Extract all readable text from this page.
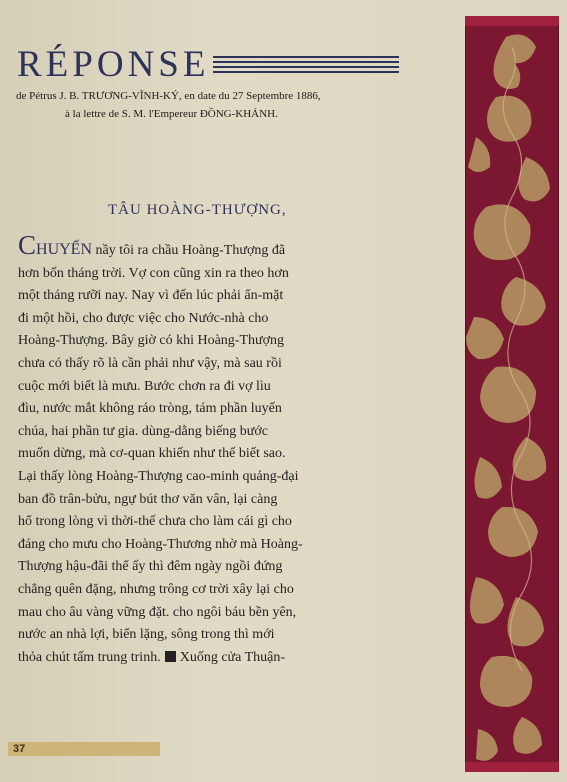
RÉPONSE
de Pétrus J. B. TRƯƠNG-VĨNH-KÝ, en date du 27 Septembre 1886,
à la lettre de S. M. l'Empereur ĐỒNG-KHÁNH.
TÂU HOÀNG-THƯỢNG,
CHUYẾN nầy tôi ra chầu Hoàng-Thượng đã
hơn bốn tháng trời. Vợ con cũng xin ra theo hơn
một tháng rưỡi nay. Nay vì đến lúc phải ẩn-mặt
đi một hồi, cho được việc cho Nước-nhà cho
Hoàng-Thượng. Bây giờ có khi Hoàng-Thượng
chưa có thấy rõ là cần phải như vậy, mà sau rồi
cuộc mới biết là mưu. Bước chơn ra đi vợ lìu
đìu, nước mắt không ráo tròng, tám phần luyến
chúa, hai phần tư gia. dùng-dằng biếng bước
muốn dừng, mà cơ-quan khiến như thế biết sao.
Lại thấy lòng Hoàng-Thượng cao-minh quảng-đại
ban đồ trân-bửu, ngự bút thơ văn vân, lại càng
hổ trong lòng vì thời-thế chưa cho làm cái gì cho
đáng cho mưu cho Hoàng-Thương nhờ mà Hoàng-
Thượng hậu-đãi thể ấy thì đêm ngày ngồi đứng
chẳng quên đặng, nhưng trông cơ trời xây lại cho
mau cho âu vàng vững đặt. cho ngôi báu bền yên,
nước an nhà lợi, biển lặng, sông trong thì mới
thỏa chút tấm trung trinh. Xuống cửa Thuận-
37
